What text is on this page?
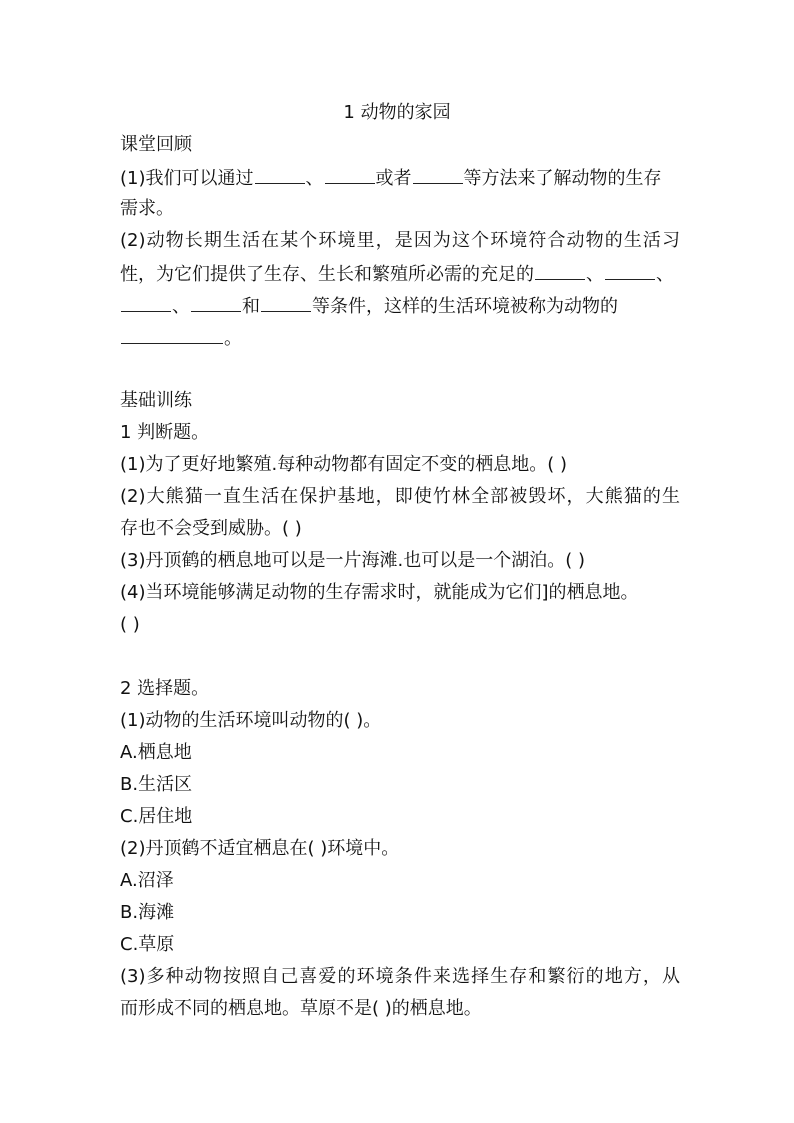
1 动物的家园
课堂回顾
(1)我们可以通过	、	或者	等方法来了解动物的生存
需求。
(2)动物长期生活在某个环境里，是因为这个环境符合动物的生活习
性，为它们提供了生存、生长和繁殖所必需的充足的	、	、
、	和	等条件，这样的生活环境被称为动物的
。
基础训练
1 判断题。
(1)为了更好地繁殖.每种动物都有固定不变的栖息地。( )
(2)大熊猫一直生活在保护基地，即使竹林全部被毁坏，大熊猫的生
存也不会受到威胁。( )
(3)丹顶鹤的栖息地可以是一片海滩.也可以是一个湖泊。( )
(4)当环境能够满足动物的生存需求时，就能成为它们]的栖息地。
( )
2 选择题。
(1)动物的生活环境叫动物的( )。
A.栖息地
B.生活区
C.居住地
(2)丹顶鹤不适宜栖息在( )环境中。
A.沼泽
B.海滩
C.草原
(3)多种动物按照自己喜爱的环境条件来选择生存和繁衍的地方，从
而形成不同的栖息地。草原不是( )的栖息地。
